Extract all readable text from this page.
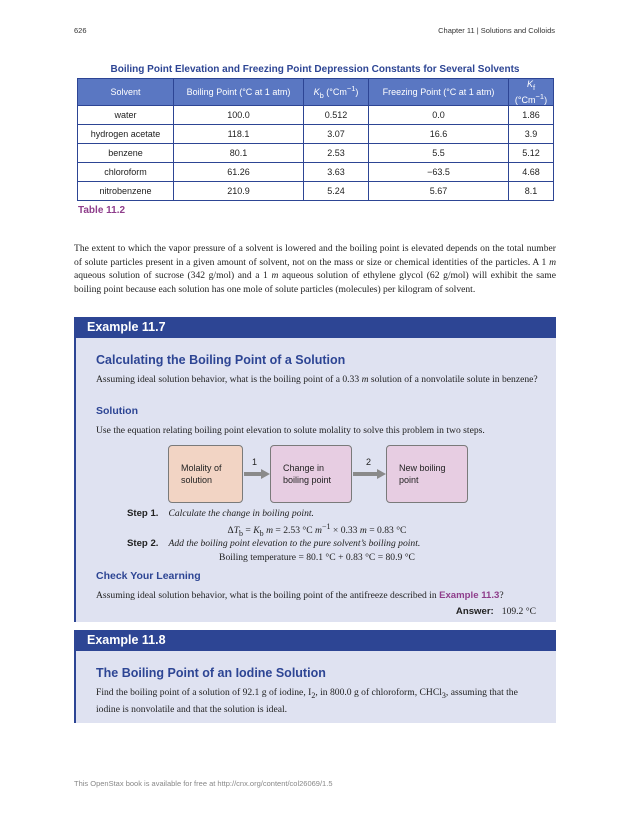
626	Chapter 11 | Solutions and Colloids
Boiling Point Elevation and Freezing Point Depression Constants for Several Solvents
Solvent	Boiling Point (°C at 1 atm)	$K_b$ $(^\circ Cm^{-1})$	Freezing Point (°C at 1 atm)	$K_f$ $(^\circ Cm^{-1})$
water	100.0	0.512	0.0	1.86
hydrogen acetate	118.1	3.07	16.6	3.9
benzene	80.1	2.53	5.5	5.12
chloroform	61.26	3.63	−63.5	4.68
nitrobenzene	210.9	5.24	5.67	8.1
Table 11.2

The extent to which the vapor pressure of a solvent is lowered and the boiling point is elevated depends on the total number of solute particles present in a given amount of solvent, not on the mass or size or chemical identities of the particles. A 1 m aqueous solution of sucrose (342 g/mol) and a 1 m aqueous solution of ethylene glycol (62 g/mol) will exhibit the same boiling point because each solution has one mole of solute particles (molecules) per kilogram of solvent.

Example 11.7
Calculating the Boiling Point of a Solution

Assuming ideal solution behavior, what is the boiling point of a 0.33 m solution of a nonvolatile solute in benzene?

Solution

Use the equation relating boiling point elevation to solute molality to solve this problem in two steps.

Molality of solution
1
Change in boiling point
2
New boiling point
Step 1. Calculate the change in boiling point.
$\Delta T_b = K_b$ m = 2.53 °C $m^{-1} \times 0.33$ m = 0.83 °C
Step 2. Add the boiling point elevation to the pure solvent’s boiling point.
Boiling temperature = 80.1 °C + 0.83 °C = 80.9 °C
Check Your Learning

Assuming ideal solution behavior, what is the boiling point of the antifreeze described in Example 11.3?

Answer: 109.2 °C
Example 11.8
The Boiling Point of an Iodine Solution

Find the boiling point of a solution of 92.1 g of iodine, $I_2$, in 800.0 g of chloroform, CHCl$_3$, assuming that the iodine is nonvolatile and that the solution is ideal.

This OpenStax book is available for free at http://cnx.org/content/col26069/1.5
